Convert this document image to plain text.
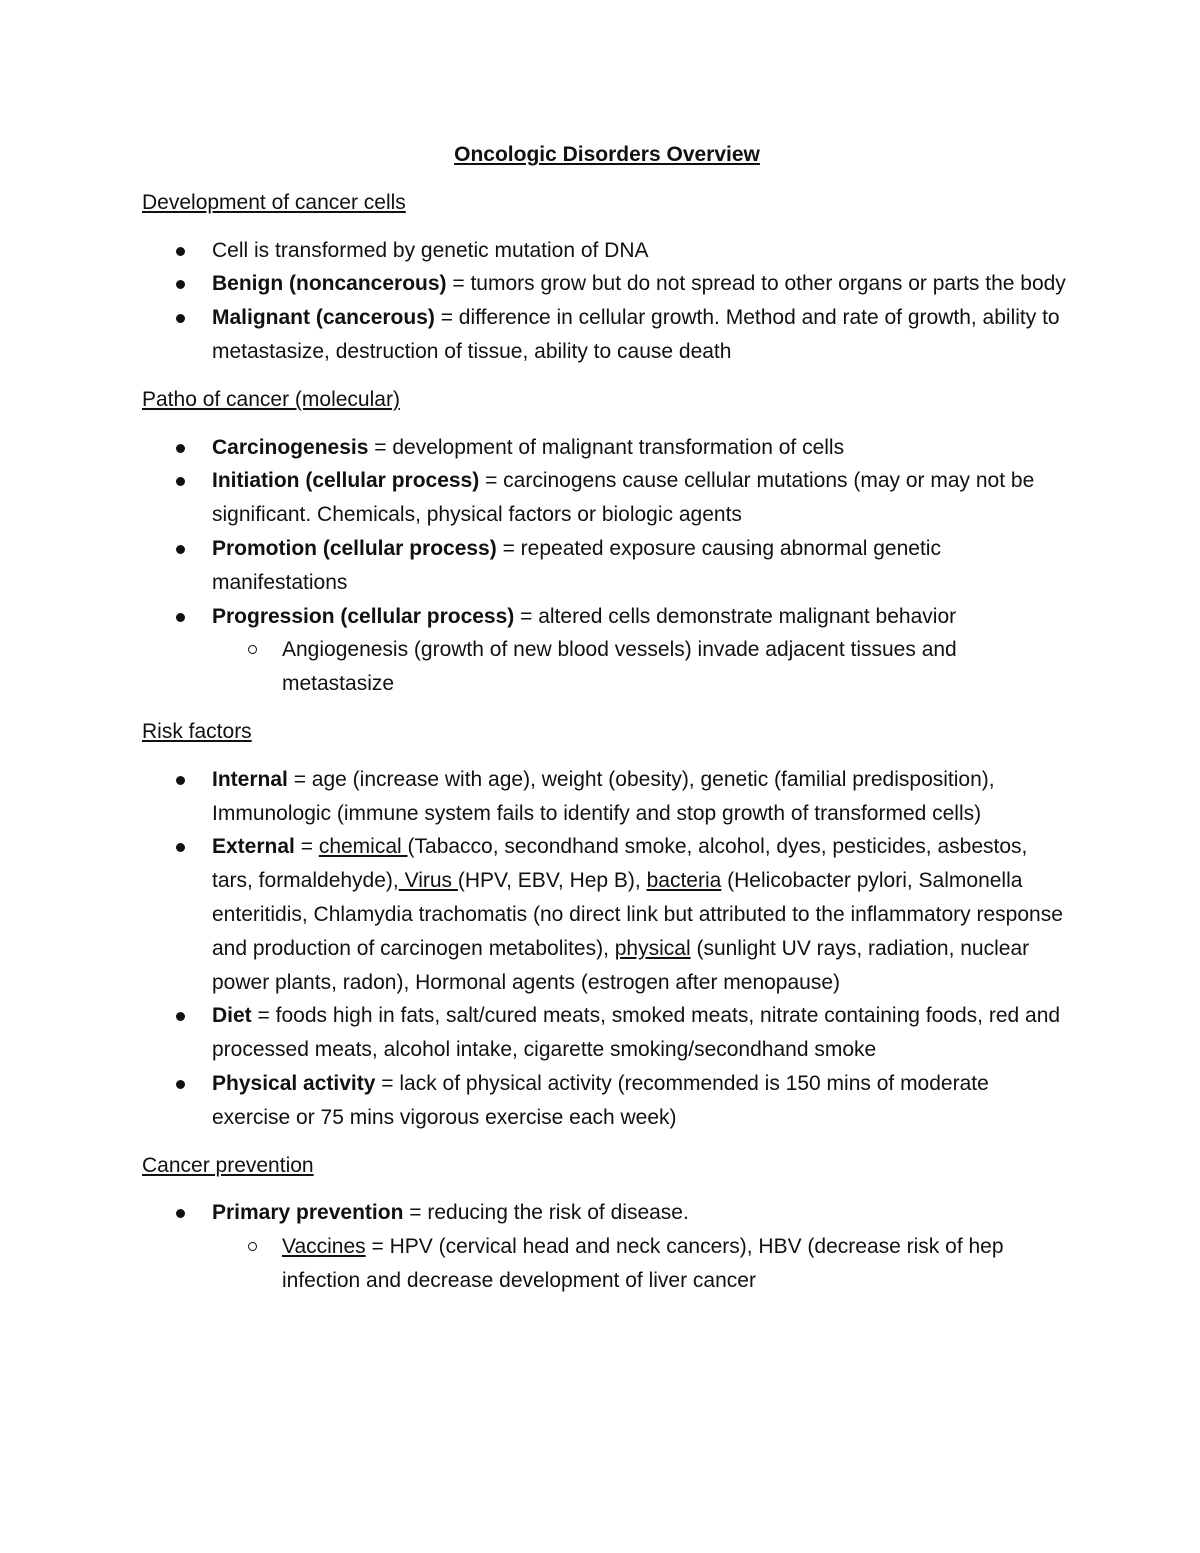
Oncologic Disorders Overview
Development of cancer cells
Cell is transformed by genetic mutation of DNA
Benign (noncancerous) = tumors grow but do not spread to other organs or parts the body
Malignant (cancerous) = difference in cellular growth. Method and rate of growth, ability to metastasize, destruction of tissue, ability to cause death
Patho of cancer (molecular)
Carcinogenesis = development of malignant transformation of cells
Initiation (cellular process) = carcinogens cause cellular mutations (may or may not be significant. Chemicals, physical factors or biologic agents
Promotion (cellular process) = repeated exposure causing abnormal genetic manifestations
Progression (cellular process) = altered cells demonstrate malignant behavior
Angiogenesis (growth of new blood vessels) invade adjacent tissues and metastasize
Risk factors
Internal = age (increase with age), weight (obesity), genetic (familial predisposition), Immunologic (immune system fails to identify and stop growth of transformed cells)
External = chemical (Tabacco, secondhand smoke, alcohol, dyes, pesticides, asbestos, tars, formaldehyde), Virus (HPV, EBV, Hep B), bacteria (Helicobacter pylori, Salmonella enteritidis, Chlamydia trachomatis (no direct link but attributed to the inflammatory response and production of carcinogen metabolites), physical (sunlight UV rays, radiation, nuclear power plants, radon), Hormonal agents (estrogen after menopause)
Diet = foods high in fats, salt/cured meats, smoked meats, nitrate containing foods, red and processed meats, alcohol intake, cigarette smoking/secondhand smoke
Physical activity = lack of physical activity (recommended is 150 mins of moderate exercise or 75 mins vigorous exercise each week)
Cancer prevention
Primary prevention = reducing the risk of disease.
Vaccines = HPV (cervical head and neck cancers), HBV (decrease risk of hep infection and decrease development of liver cancer
